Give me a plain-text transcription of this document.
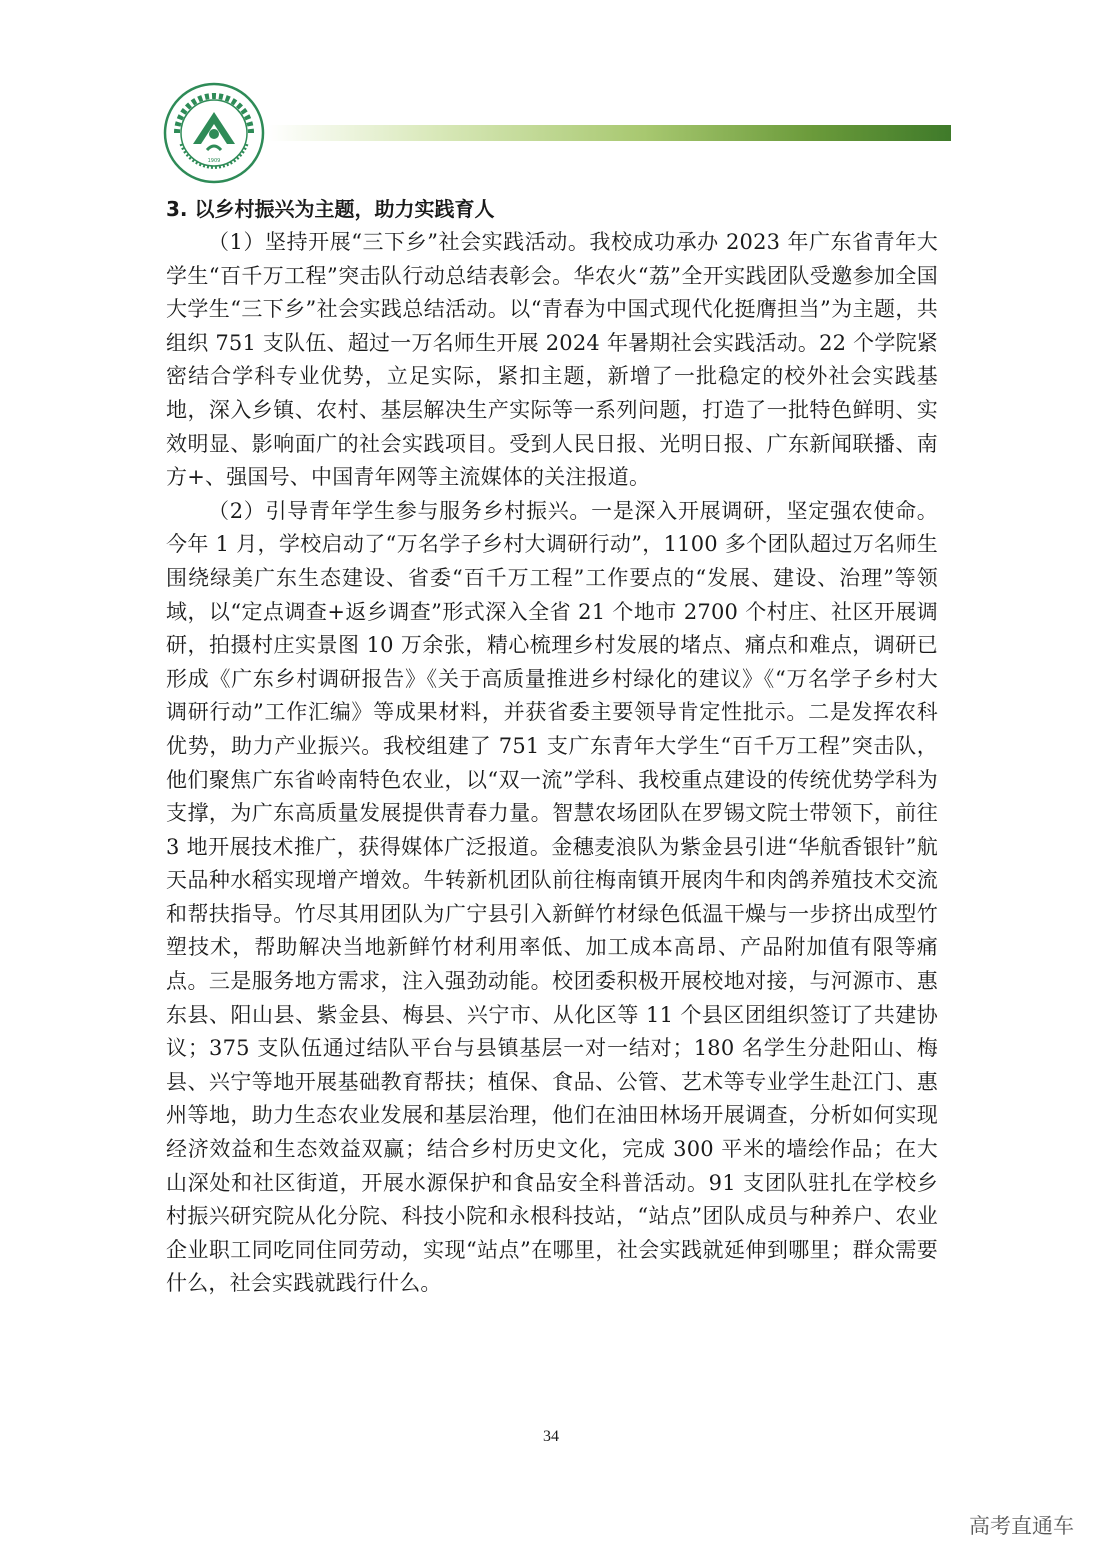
1909
3. 以乡村振兴为主题，助力实践育人

（1）坚持开展“三下乡”社会实践活动。我校成功承办 2023 年广东省青年大学生“百千万工程”突击队行动总结表彰会。华农火“荔”全开实践团队受邀参加全国大学生“三下乡”社会实践总结活动。以“青春为中国式现代化挺膺担当”为主题，共组织 751 支队伍、超过一万名师生开展 2024 年暑期社会实践活动。22 个学院紧密结合学科专业优势，立足实际，紧扣主题，新增了一批稳定的校外社会实践基地，深入乡镇、农村、基层解决生产实际等一系列问题，打造了一批特色鲜明、实效明显、影响面广的社会实践项目。受到人民日报、光明日报、广东新闻联播、南方+、强国号、中国青年网等主流媒体的关注报道。

（2）引导青年学生参与服务乡村振兴。一是深入开展调研，坚定强农使命。今年 1 月，学校启动了“万名学子乡村大调研行动”，1100 多个团队超过万名师生围绕绿美广东生态建设、省委“百千万工程”工作要点的“发展、建设、治理”等领域，以“定点调查+返乡调查”形式深入全省 21 个地市 2700 个村庄、社区开展调研，拍摄村庄实景图 10 万余张，精心梳理乡村发展的堵点、痛点和难点，调研已形成《广东乡村调研报告》《关于高质量推进乡村绿化的建议》《“万名学子乡村大调研行动”工作汇编》等成果材料，并获省委主要领导肯定性批示。二是发挥农科优势，助力产业振兴。我校组建了 751 支广东青年大学生“百千万工程”突击队，他们聚焦广东省岭南特色农业，以“双一流”学科、我校重点建设的传统优势学科为支撑，为广东高质量发展提供青春力量。智慧农场团队在罗锡文院士带领下，前往 3 地开展技术推广，获得媒体广泛报道。金穗麦浪队为紫金县引进“华航香银针”航天品种水稻实现增产增效。牛转新机团队前往梅南镇开展肉牛和肉鸽养殖技术交流和帮扶指导。竹尽其用团队为广宁县引入新鲜竹材绿色低温干燥与一步挤出成型竹塑技术，帮助解决当地新鲜竹材利用率低、加工成本高昂、产品附加值有限等痛点。三是服务地方需求，注入强劲动能。校团委积极开展校地对接，与河源市、惠东县、阳山县、紫金县、梅县、兴宁市、从化区等 11 个县区团组织签订了共建协议；375 支队伍通过结队平台与县镇基层一对一结对；180 名学生分赴阳山、梅县、兴宁等地开展基础教育帮扶；植保、食品、公管、艺术等专业学生赴江门、惠州等地，助力生态农业发展和基层治理，他们在油田林场开展调查，分析如何实现经济效益和生态效益双赢；结合乡村历史文化，完成 300 平米的墙绘作品；在大山深处和社区街道，开展水源保护和食品安全科普活动。91 支团队驻扎在学校乡村振兴研究院从化分院、科技小院和永根科技站，“站点”团队成员与种养户、农业企业职工同吃同住同劳动，实现“站点”在哪里，社会实践就延伸到哪里；群众需要什么，社会实践就践行什么。

34
高考直通车
